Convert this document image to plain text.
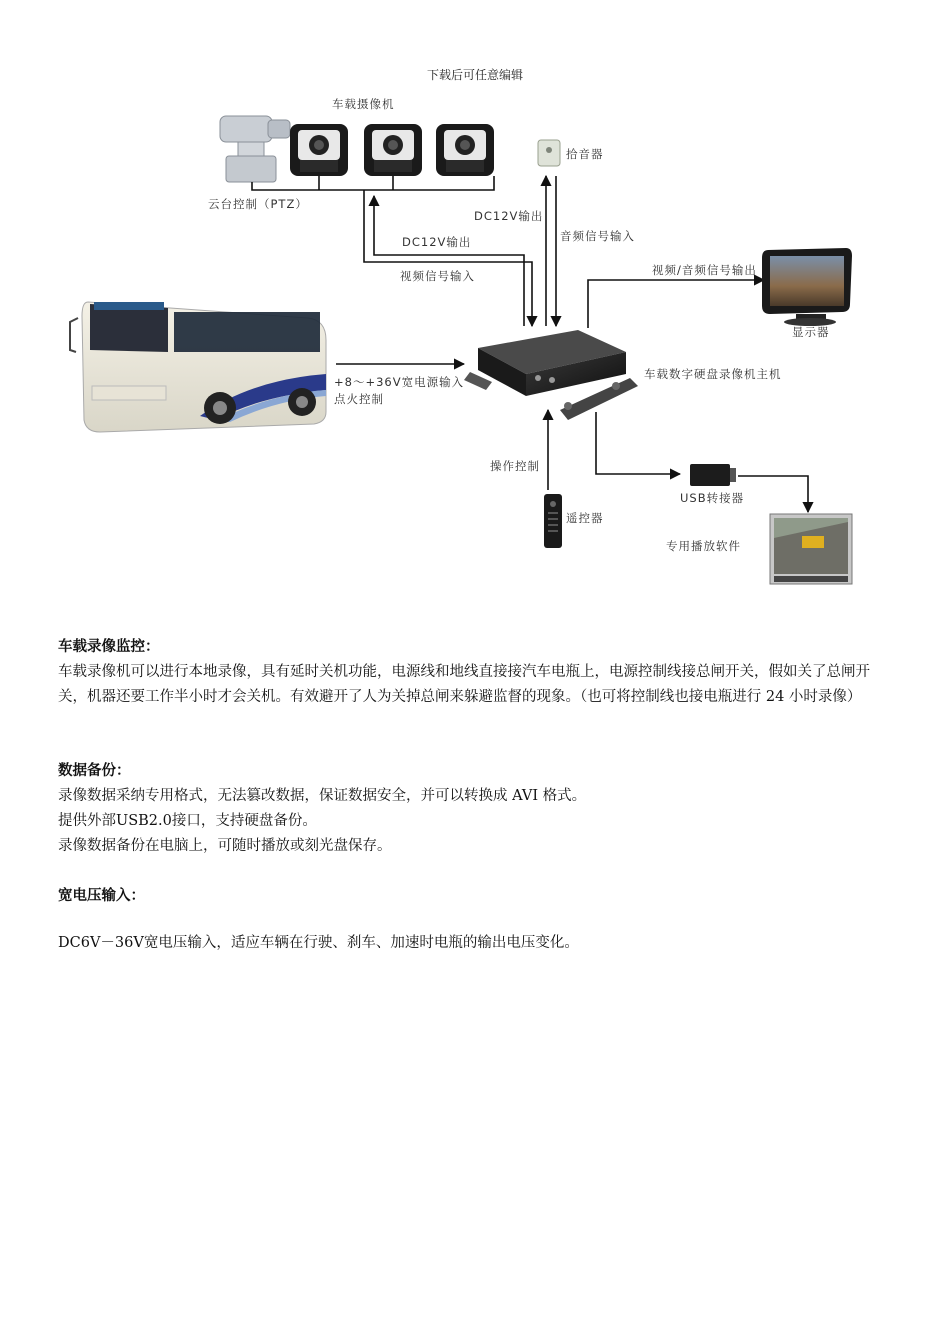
下载后可任意编辑
车载摄像机
云台控制（PTZ）
拾音器
DC12V输出
音频信号输入
DC12V输出
视频信号输入	视频/音频信号输出
显示器
+8～+36V宽电源输入
点火控制
车载数字硬盘录像机主机
操作控制
USB转接器
遥控器
专用播放软件
车载录像监控：

车载录像机可以进行本地录像，具有延时关机功能，电源线和地线直接接汽车电瓶上，电源控制线接总闸开关，假如关了总闸开关，机器还要工作半小时才会关机。有效避开了人为关掉总闸来躲避监督的现象。（也可将控制线也接电瓶进行 24 小时录像）

数据备份：

录像数据采纳专用格式，无法篡改数据，保证数据安全，并可以转换成 AVI 格式。

提供外部USB2.0接口，支持硬盘备份。

录像数据备份在电脑上，可随时播放或刻光盘保存。

宽电压输入：

DC6V－36V宽电压输入，适应车辆在行驶、刹车、加速时电瓶的输出电压变化。
